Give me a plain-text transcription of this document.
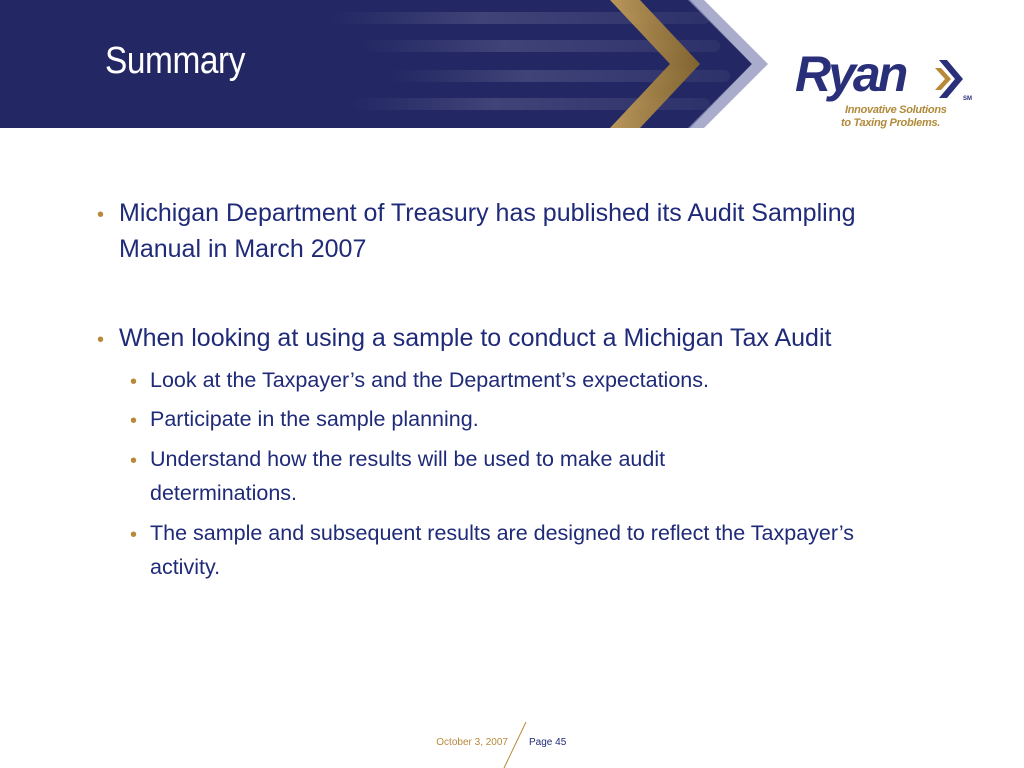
Summary	Ryan	SM
Innovative Solutions
to Taxing Problems.
• Michigan Department of Treasury has published its Audit Sampling Manual in March 2007
• When looking at using a sample to conduct a Michigan Tax Audit
• Look at the Taxpayer’s and the Department’s expectations.
• Participate in the sample planning.
• Understand how the results will be used to make audit determinations.
• The sample and subsequent results are designed to reflect the Taxpayer’s activity.
October 3, 2007 Page 45
